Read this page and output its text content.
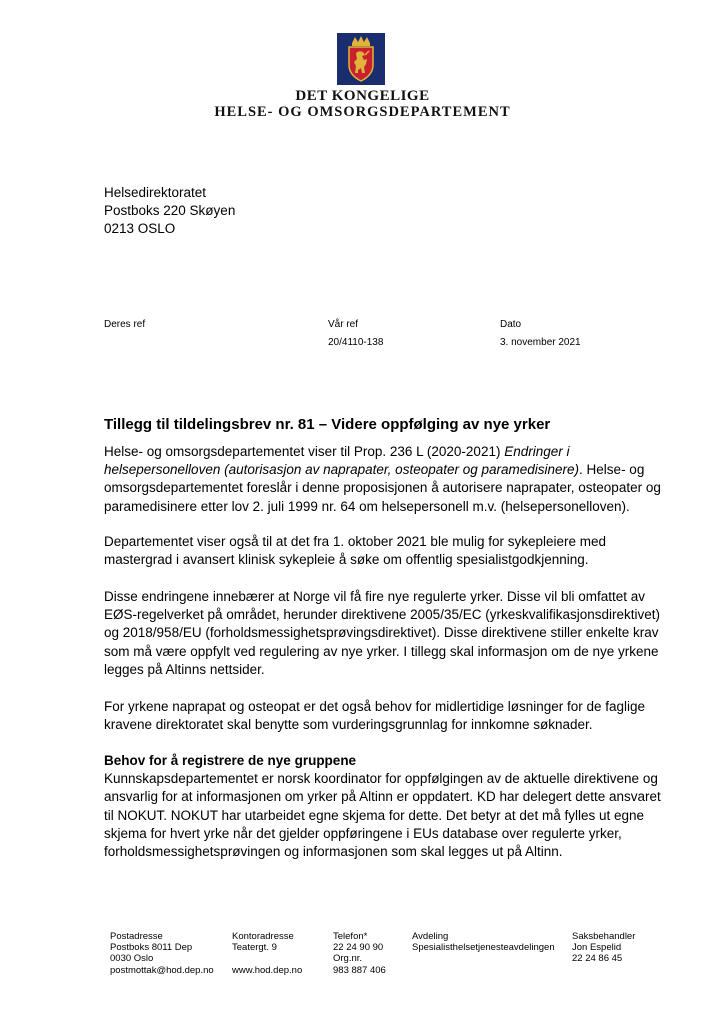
DET KONGELIGE
HELSE- OG OMSORGSDEPARTEMENT
Helsedirektoratet
Postboks 220 Skøyen
0213 OSLO
Deres ref	Vår ref
20/4110-138
Dato
3. november 2021
Tillegg til tildelingsbrev nr. 81 – Videre oppfølging av nye yrker

Helse- og omsorgsdepartementet viser til Prop. 236 L (2020-2021) Endringer i helsepersonelloven (autorisasjon av naprapater, osteopater og paramedisinere). Helse- og omsorgsdepartementet foreslår i denne proposisjonen å autorisere naprapater, osteopater og paramedisinere etter lov 2. juli 1999 nr. 64 om helsepersonell m.v. (helsepersonelloven).

Departementet viser også til at det fra 1. oktober 2021 ble mulig for sykepleiere med mastergrad i avansert klinisk sykepleie å søke om offentlig spesialistgodkjenning.

Disse endringene innebærer at Norge vil få fire nye regulerte yrker. Disse vil bli omfattet av EØS-regelverket på området, herunder direktivene 2005/35/EC (yrkeskvalifikasjonsdirektivet) og 2018/958/EU (forholdsmessighetsprøvingsdirektivet). Disse direktivene stiller enkelte krav som må være oppfylt ved regulering av nye yrker. I tillegg skal informasjon om de nye yrkene legges på Altinns nettsider.

For yrkene naprapat og osteopat er det også behov for midlertidige løsninger for de faglige kravene direktoratet skal benytte som vurderingsgrunnlag for innkomne søknader.

Behov for å registrere de nye gruppene

Kunnskapsdepartementet er norsk koordinator for oppfølgingen av de aktuelle direktivene og ansvarlig for at informasjonen om yrker på Altinn er oppdatert. KD har delegert dette ansvaret til NOKUT. NOKUT har utarbeidet egne skjema for dette. Det betyr at det må fylles ut egne skjema for hvert yrke når det gjelder oppføringene i EUs database over regulerte yrker, forholdsmessighetsprøvingen og informasjonen som skal legges ut på Altinn.

Postadresse
Postboks 8011 Dep
0030 Oslo
postmottak@hod.dep.no
Kontoradresse
Teatergt. 9

www.hod.dep.no
Telefon*
22 24 90 90
Org.nr.
983 887 406
Avdeling
Spesialisthelsetjenesteavdelingen
Saksbehandler
Jon Espelid
22 24 86 45
